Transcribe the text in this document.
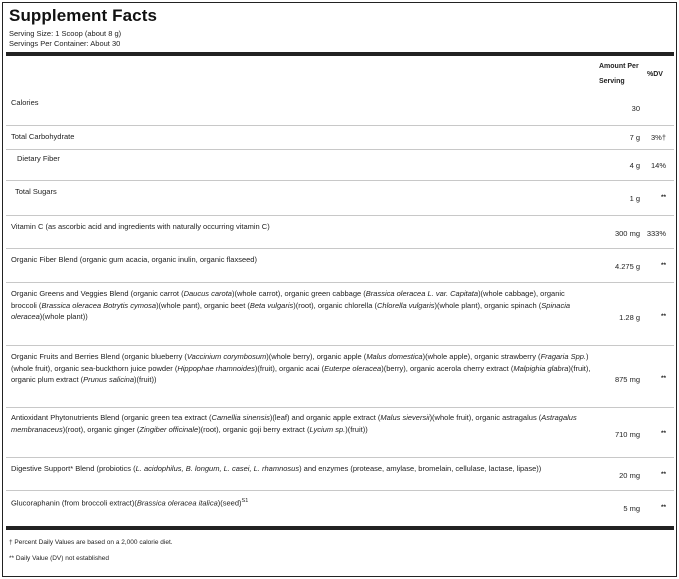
Supplement Facts
Serving Size: 1 Scoop (about 8 g)
Servings Per Container: About 30
Amount Per
Serving
%DV
Calories
30
Total Carbohydrate	7 g 3%†
Dietary Fiber
4 g 14%
Total Sugars
1 g	**
Vitamin C (as ascorbic acid and ingredients with naturally occurring vitamin C)
300 mg 333%
Organic Fiber Blend (organic gum acacia, organic inulin, organic flaxseed)
4.275 g	**
Organic Greens and Veggies Blend (organic carrot (Daucus carota)(whole carrot), organic green cabbage (Brassica oleracea L. var. Capitata)(whole cabbage), organic broccoli (Brassica oleracea Botrytis cymosa)(whole pant), organic beet (Beta vulgaris)(root), organic chlorella (Chlorella vulgaris)(whole plant), organic spinach (Spinacia oleracea)(whole plant))	1.28 g	**
Organic Fruits and Berries Blend (organic blueberry (Vaccinium corymbosum)(whole berry), organic apple (Malus domestica)(whole apple), organic strawberry (Fragaria Spp.)(whole fruit), organic sea-buckthorn juice powder (Hippophae rhamnoides)(fruit), organic acai (Euterpe oleracea)(berry), organic acerola cherry extract (Malpighia glabra)(fruit), organic plum extract (Prunus salicina)(fruit))	875 mg	**
Antioxidant Phytonutrients Blend (organic green tea extract (Camellia sinensis)(leaf) and organic apple extract (Malus sieversii)(whole fruit), organic astragalus (Astragalus membranaceus)(root), organic ginger (Zingiber officinale)(root), organic goji berry extract (Lycium sp.)(fruit))
710 mg	**
Digestive Support* Blend (probiotics (L. acidophilus, B. longum, L. casei, L. rhamnosus) and enzymes (protease, amylase, bromelain, cellulase, lactase, lipase))
20 mg	**
Glucoraphanin (from broccoli extract)(Brassica oleracea italica)(seed)$^{S1}$
5 mg	**
† Percent Daily Values are based on a 2,000 calorie diet.
** Daily Value (DV) not established
